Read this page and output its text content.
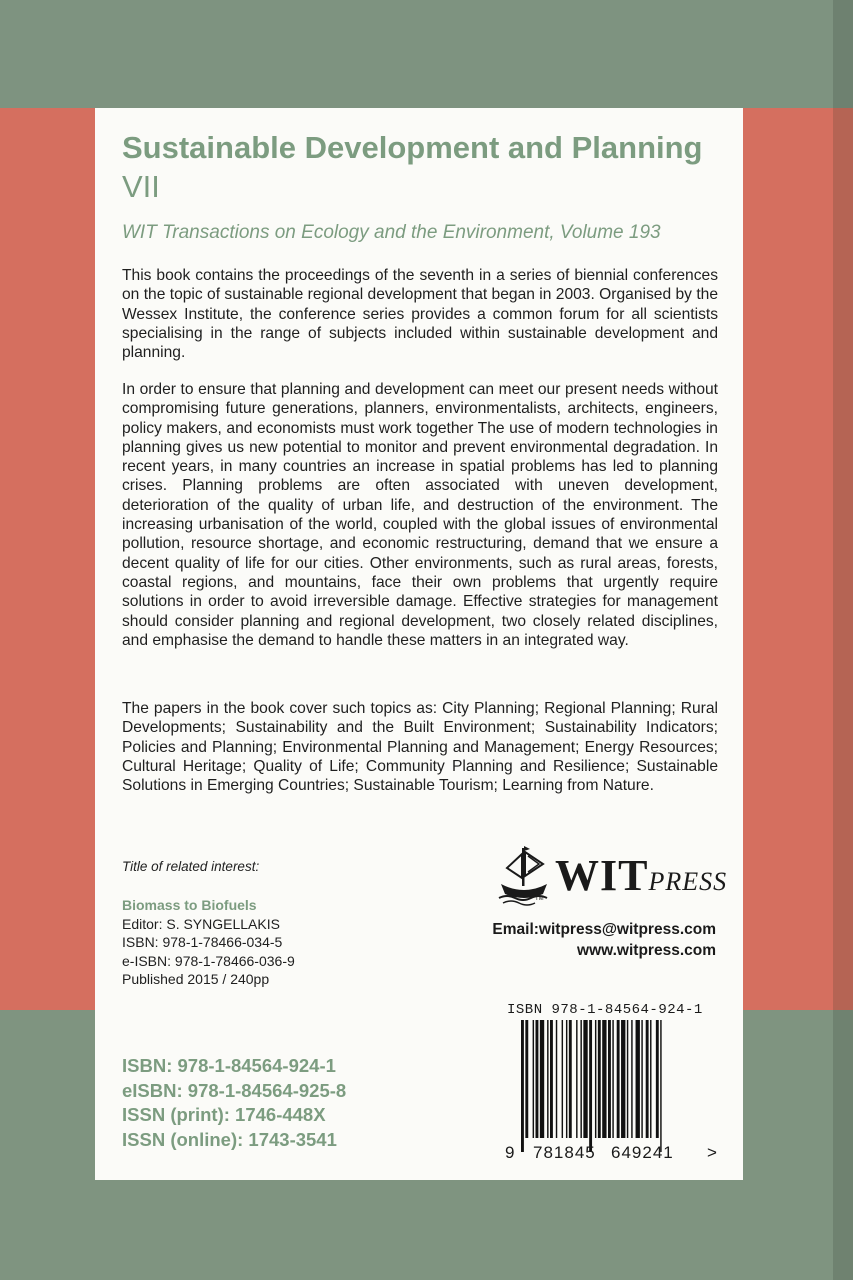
Sustainable Development and Planning VII

WIT Transactions on Ecology and the Environment, Volume 193

This book contains the proceedings of the seventh in a series of biennial conferences on the topic of sustainable regional development that began in 2003. Organised by the Wessex Institute, the conference series provides a common forum for all scientists specialising in the range of subjects included within sustainable development and planning.

In order to ensure that planning and development can meet our present needs without compromising future generations, planners, environmentalists, architects, engineers, policy makers, and economists must work together The use of modern technologies in planning gives us new potential to monitor and prevent environmental degradation. In recent years, in many countries an increase in spatial problems has led to planning crises. Planning problems are often associated with uneven development, deterioration of the quality of urban life, and destruction of the environment. The increasing urbanisation of the world, coupled with the global issues of environmental pollution, resource shortage, and economic restructuring, demand that we ensure a decent quality of life for our cities. Other environments, such as rural areas, forests, coastal regions, and mountains, face their own problems that urgently require solutions in order to avoid irreversible damage. Effective strategies for management should consider planning and regional development, two closely related disciplines, and emphasise the demand to handle these matters in an integrated way.

The papers in the book cover such topics as: City Planning; Regional Planning; Rural Developments; Sustainability and the Built Environment; Sustainability Indicators; Policies and Planning; Environmental Planning and Management; Energy Resources; Cultural Heritage; Quality of Life; Community Planning and Resilience; Sustainable Solutions in Emerging Countries; Sustainable Tourism; Learning from Nature.

Title of related interest:

Biomass to Biofuels
Editor: S. SYNGELLAKIS
ISBN: 978-1-78466-034-5
e-ISBN: 978-1-78466-036-9
Published 2015 / 240pp
TM WITPRESS
Email:witpress@witpress.com
www.witpress.com
ISBN: 978-1-84564-924-1
eISBN: 978-1-84564-925-8
ISSN (print): 1746-448X
ISSN (online): 1743-3541
ISBN 978-1-84564-924-1
9 781845 649241 >
